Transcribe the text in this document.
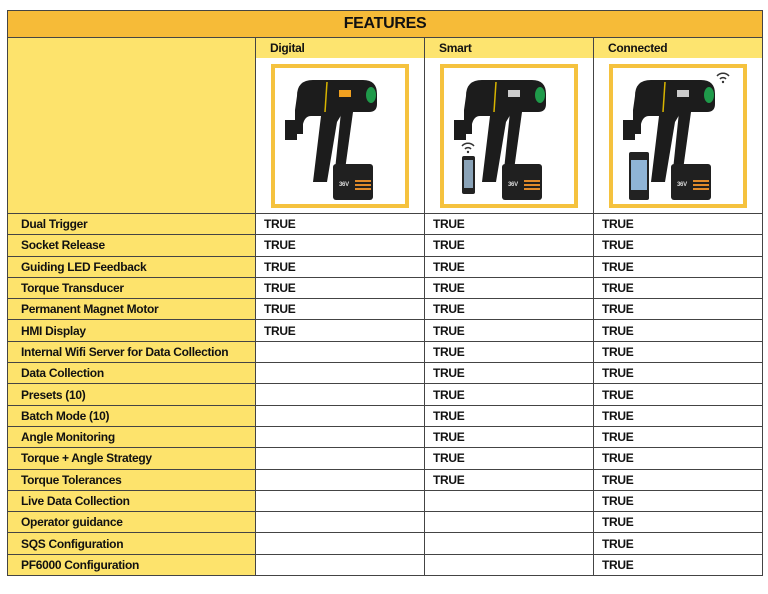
FEATURES			
	Digital	Smart	Connected

36V	36V	36V

Dual Trigger	TRUE	TRUE	TRUE
Socket Release	TRUE	TRUE	TRUE
Guiding LED Feedback	TRUE	TRUE	TRUE
Torque Transducer	TRUE	TRUE	TRUE
Permanent Magnet Motor	TRUE	TRUE	TRUE
HMI Display	TRUE	TRUE	TRUE
Internal Wifi Server for Data Collection		TRUE	TRUE
Data Collection		TRUE	TRUE
Presets (10)		TRUE	TRUE
Batch Mode (10)		TRUE	TRUE
Angle Monitoring		TRUE	TRUE
Torque + Angle Strategy		TRUE	TRUE
Torque Tolerances		TRUE	TRUE
Live Data Collection			TRUE
Operator guidance			TRUE
SQS Configuration			TRUE
PF6000 Configuration			TRUE
